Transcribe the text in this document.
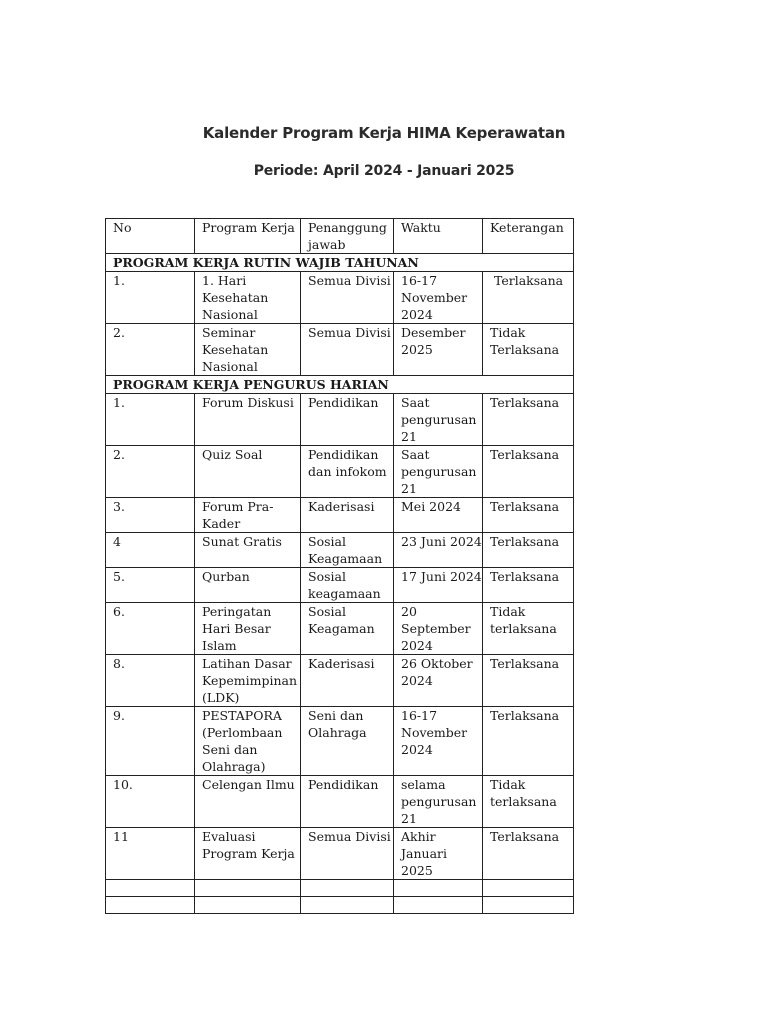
Kalender Program Kerja HIMA Keperawatan
Periode: April 2024 - Januari 2025
No	Program Kerja	Penanggung jawab	Waktu	Keterangan
PROGRAM KERJA RUTIN WAJIB TAHUNAN				
1.	1. Hari Kesehatan Nasional	Semua Divisi	16-17 November 2024	Terlaksana
2.	Seminar Kesehatan Nasional	Semua Divisi	Desember 2025	Tidak Terlaksana
PROGRAM KERJA PENGURUS HARIAN				
1.	Forum Diskusi	Pendidikan	Saat pengurusan 21	Terlaksana
2.	Quiz Soal	Pendidikan dan infokom	Saat pengurusan 21	Terlaksana
3.	Forum Pra-Kader	Kaderisasi	Mei 2024	Terlaksana
4	Sunat Gratis	Sosial Keagamaan	23 Juni 2024	Terlaksana
5.	Qurban	Sosial keagamaan	17 Juni 2024	Terlaksana
6.	Peringatan Hari Besar Islam	Sosial Keagaman	20 September 2024	Tidak terlaksana
8.	Latihan Dasar Kepemimpinan (LDK)	Kaderisasi	26 Oktober 2024	Terlaksana
9.	PESTAPORA (Perlombaan Seni dan Olahraga)	Seni dan Olahraga	16-17 November 2024	Terlaksana
10.	Celengan Ilmu	Pendidikan	selama pengurusan 21	Tidak terlaksana
11	Evaluasi Program Kerja	Semua Divisi	Akhir Januari 2025	Terlaksana
